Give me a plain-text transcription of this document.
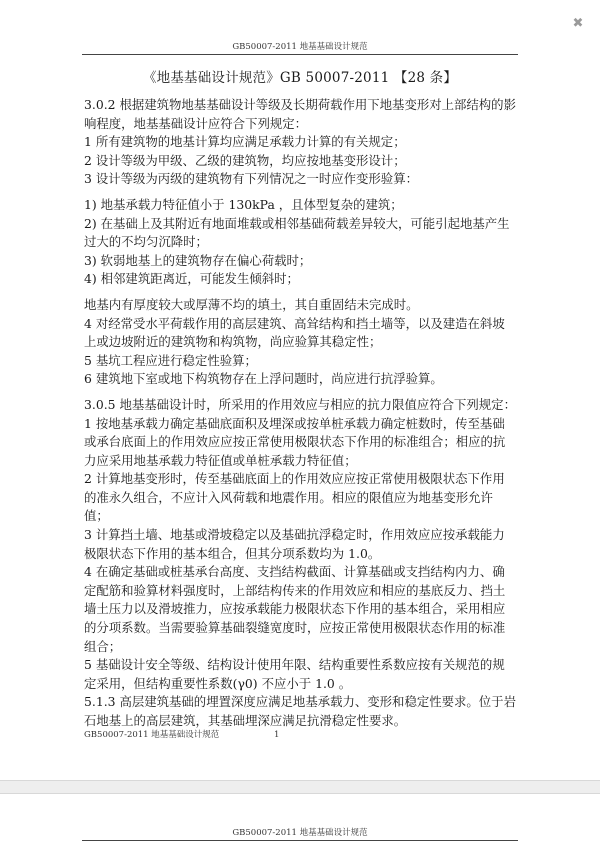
✖
GB50007-2011 地基基础设计规范
《地基基础设计规范》GB 50007-2011 【28 条】

3.0.2 根据建筑物地基基础设计等级及长期荷载作用下地基变形对上部结构的影响程度，地基基础设计应符合下列规定：

1 所有建筑物的地基计算均应满足承载力计算的有关规定；

2 设计等级为甲级、乙级的建筑物，均应按地基变形设计；

3 设计等级为丙级的建筑物有下列情况之一时应作变形验算：

1) 地基承载力特征值小于 130kPa ，且体型复杂的建筑；

2) 在基础上及其附近有地面堆载或相邻基础荷载差异较大，可能引起地基产生过大的不均匀沉降时；

3) 软弱地基上的建筑物存在偏心荷载时；

4) 相邻建筑距离近，可能发生倾斜时；

地基内有厚度较大或厚薄不均的填土，其自重固结未完成时。

4 对经常受水平荷载作用的高层建筑、高耸结构和挡土墙等，以及建造在斜坡上或边坡附近的建筑物和构筑物，尚应验算其稳定性；

5 基坑工程应进行稳定性验算；

6 建筑地下室或地下构筑物存在上浮问题时，尚应进行抗浮验算。

3.0.5 地基基础设计时，所采用的作用效应与相应的抗力限值应符合下列规定：

1 按地基承载力确定基础底面积及埋深或按单桩承载力确定桩数时，传至基础或承台底面上的作用效应应按正常使用极限状态下作用的标准组合；相应的抗力应采用地基承载力特征值或单桩承载力特征值；

2 计算地基变形时，传至基础底面上的作用效应应按正常使用极限状态下作用的准永久组合，不应计入风荷载和地震作用。相应的限值应为地基变形允许值；

3 计算挡土墙、地基或滑坡稳定以及基础抗浮稳定时，作用效应应按承载能力极限状态下作用的基本组合，但其分项系数均为 1.0。

4 在确定基础或桩基承台高度、支挡结构截面、计算基础或支挡结构内力、确定配筋和验算材料强度时，上部结构传来的作用效应和相应的基底反力、挡土墙土压力以及滑坡推力，应按承载能力极限状态下作用的基本组合，采用相应的分项系数。当需要验算基础裂缝宽度时，应按正常使用极限状态作用的标准组合；

5 基础设计安全等级、结构设计使用年限、结构重要性系数应按有关规范的规定采用，但结构重要性系数(γ0) 不应小于 1.0 。

5.1.3 高层建筑基础的埋置深度应满足地基承载力、变形和稳定性要求。位于岩石地基上的高层建筑，其基础埋深应满足抗滑稳定性要求。

GB50007-2011 地基基础设计规范	1
GB50007-2011 地基基础设计规范
